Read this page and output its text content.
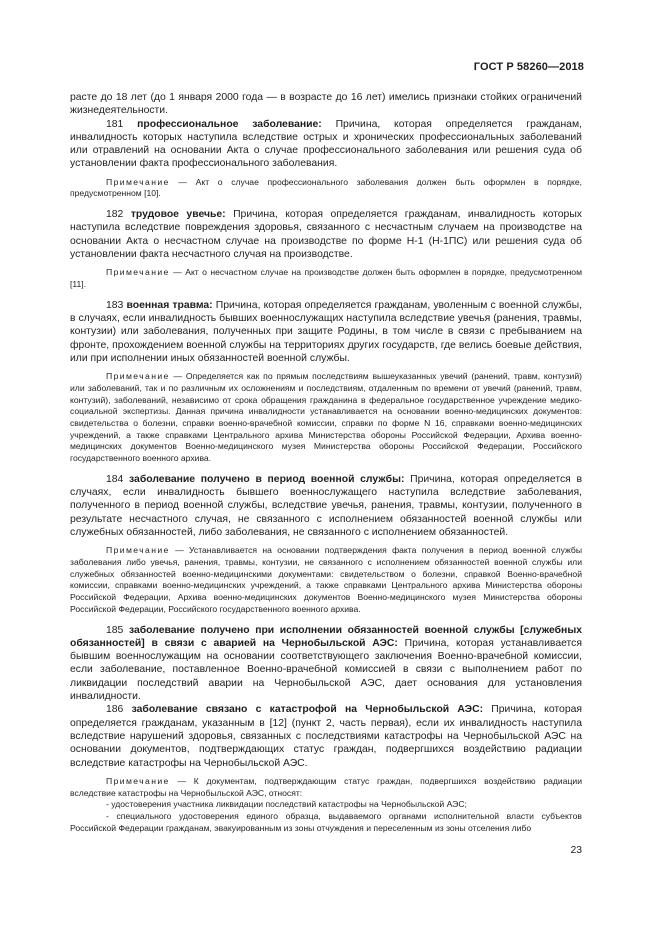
ГОСТ Р 58260—2018

расте до 18 лет (до 1 января 2000 года — в возрасте до 16 лет) имелись признаки стойких ограничений жизнедеятельности.

181 профессиональное заболевание: Причина, которая определяется гражданам, инвалидность которых наступила вследствие острых и хронических профессиональных заболеваний или отравлений на основании Акта о случае профессионального заболевания или решения суда об установлении факта профессионального заболевания.

Примечание — Акт о случае профессионального заболевания должен быть оформлен в порядке, предусмотренном [10].

182 трудовое увечье: Причина, которая определяется гражданам, инвалидность которых наступила вследствие повреждения здоровья, связанного с несчастным случаем на производстве на основании Акта о несчастном случае на производстве по форме Н-1 (Н-1ПС) или решения суда об установлении факта несчастного случая на производстве.

Примечание — Акт о несчастном случае на производстве должен быть оформлен в порядке, предусмотренном [11].

183 военная травма: Причина, которая определяется гражданам, уволенным с военной службы, в случаях, если инвалидность бывших военнослужащих наступила вследствие увечья (ранения, травмы, контузии) или заболевания, полученных при защите Родины, в том числе в связи с пребыванием на фронте, прохождением военной службы на территориях других государств, где велись боевые действия, или при исполнении иных обязанностей военной службы.

Примечание — Определяется как по прямым последствиям вышеуказанных увечий (ранений, травм, контузий) или заболеваний, так и по различным их осложнениям и последствиям, отдаленным по времени от увечий (ранений, травм, контузий), заболеваний, независимо от срока обращения гражданина в федеральное государственное учреждение медико-социальной экспертизы. Данная причина инвалидности устанавливается на основании военно-медицинских документов: свидетельства о болезни, справки военно-врачебной комиссии, справки по форме N 16, справками военно-медицинских учреждений, а также справками Центрального архива Министерства обороны Российской Федерации, Архива военно-медицинских документов Военно-медицинского музея Министерства обороны Российской Федерации, Российского государственного военного архива.

184 заболевание получено в период военной службы: Причина, которая определяется в случаях, если инвалидность бывшего военнослужащего наступила вследствие заболевания, полученного в период военной службы, вследствие увечья, ранения, травмы, контузии, полученного в результате несчастного случая, не связанного с исполнением обязанностей военной службы или служебных обязанностей, либо заболевания, не связанного с исполнением обязанностей.

Примечание — Устанавливается на основании подтверждения факта получения в период военной службы заболевания либо увечья, ранения, травмы, контузии, не связанного с исполнением обязанностей военной службы или служебных обязанностей военно-медицинскими документами: свидетельством о болезни, справкой Военно-врачебной комиссии, справками военно-медицинских учреждений, а также справками Центрального архива Министерства обороны Российской Федерации, Архива военно-медицинских документов Военно-медицинского музея Министерства обороны Российской Федерации, Российского государственного военного архива.

185 заболевание получено при исполнении обязанностей военной службы [служебных обязанностей] в связи с аварией на Чернобыльской АЭС: Причина, которая устанавливается бывшим военнослужащим на основании соответствующего заключения Военно-врачебной комиссии, если заболевание, поставленное Военно-врачебной комиссией в связи с выполнением работ по ликвидации последствий аварии на Чернобыльской АЭС, дает основания для установления инвалидности.

186 заболевание связано с катастрофой на Чернобыльской АЭС: Причина, которая определяется гражданам, указанным в [12] (пункт 2, часть первая), если их инвалидность наступила вследствие нарушений здоровья, связанных с последствиями катастрофы на Чернобыльской АЭС на основании документов, подтверждающих статус граждан, подвергшихся воздействию радиации вследствие катастрофы на Чернобыльской АЭС.

Примечание — К документам, подтверждающим статус граждан, подвергшихся воздействию радиации вследствие катастрофы на Чернобыльской АЭС, относят:

- удостоверения участника ликвидации последствий катастрофы на Чернобыльской АЭС;

- специального удостоверения единого образца, выдаваемого органами исполнительной власти субъектов Российской Федерации гражданам, эвакуированным из зоны отчуждения и переселенным из зоны отселения либо

23
